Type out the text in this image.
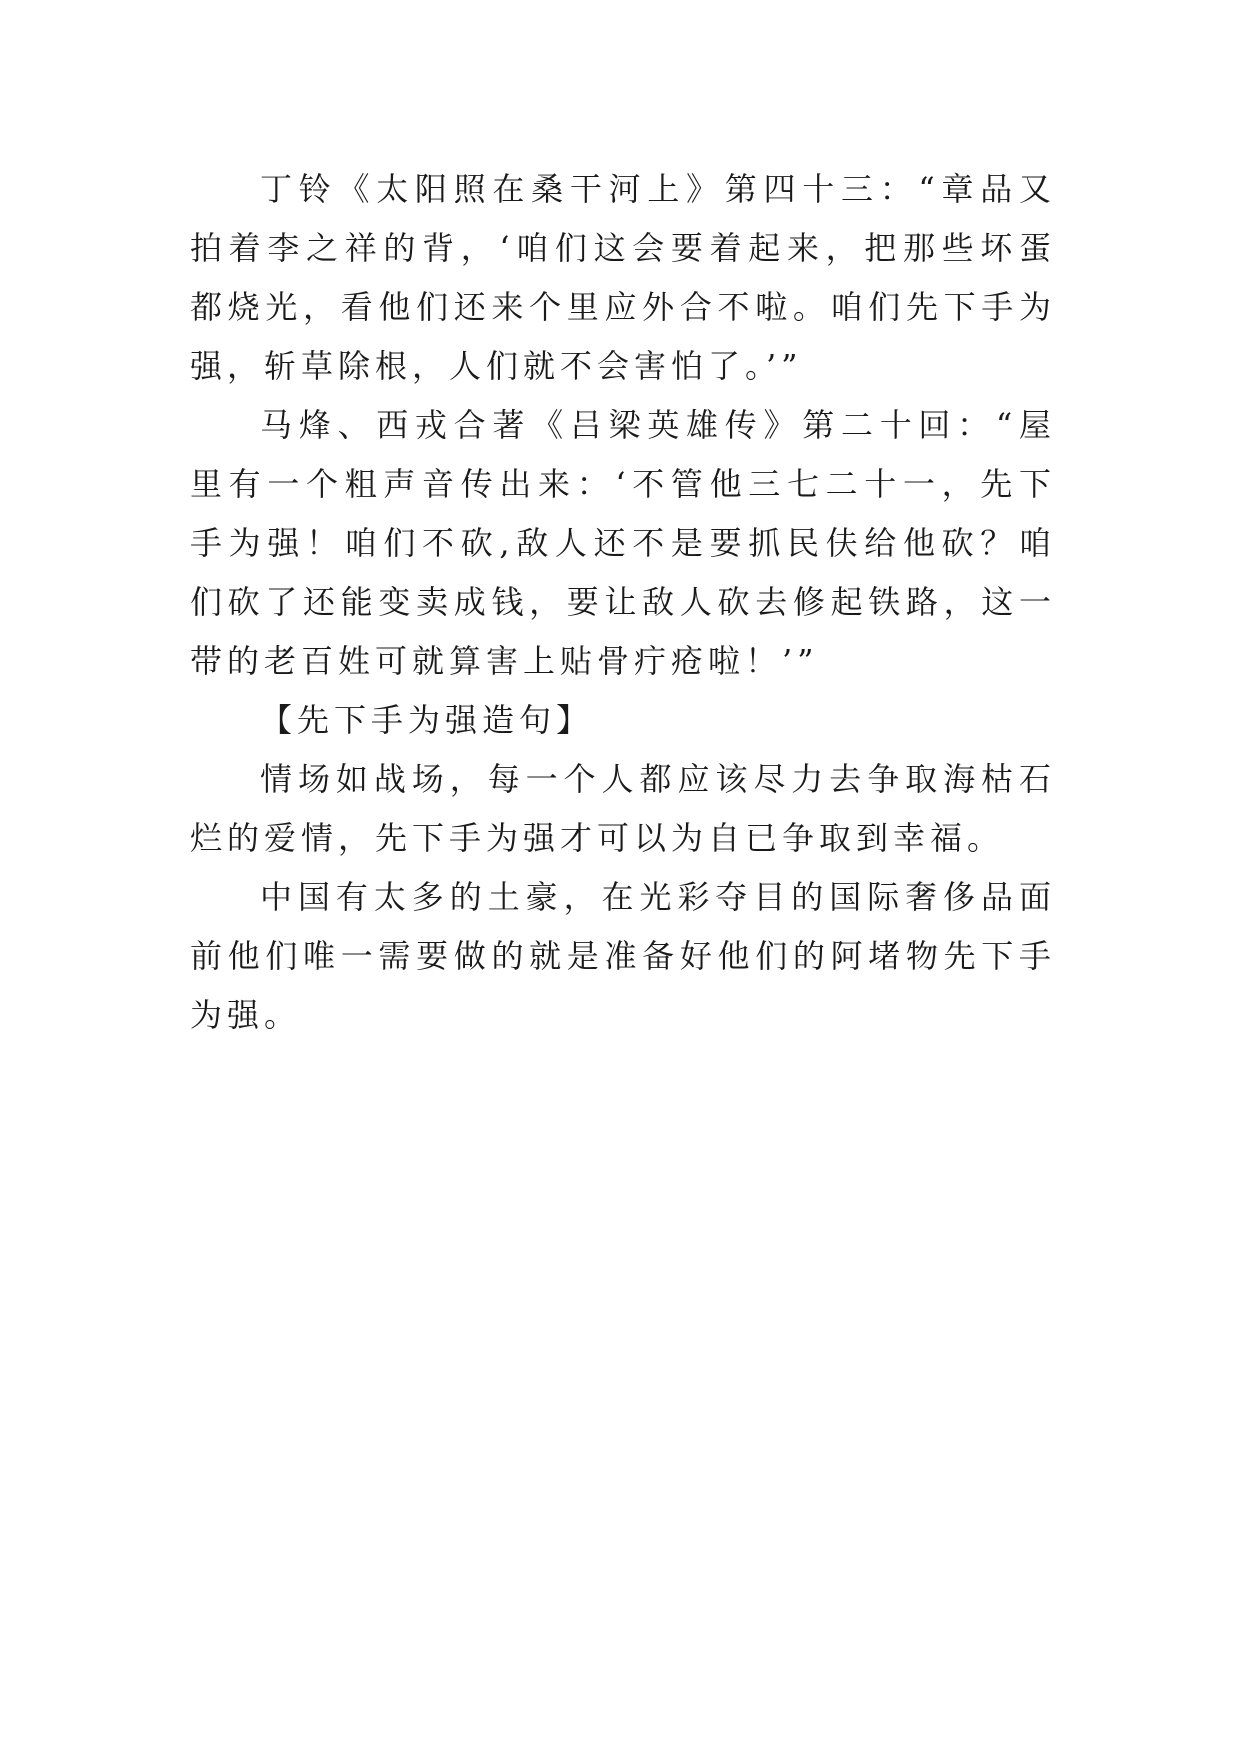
丁铃《太阳照在桑干河上》第四十三：“章品又拍着李之祥的背，‘咱们这会要着起来，把那些坏蛋都烧光，看他们还来个里应外合不啦。咱们先下手为强，斩草除根，人们就不会害怕了。’”

马烽、西戎合著《吕梁英雄传》第二十回：“屋里有一个粗声音传出来：‘不管他三七二十一，先下手为强！咱们不砍,敌人还不是要抓民伕给他砍？咱们砍了还能变卖成钱，要让敌人砍去修起铁路，这一带的老百姓可就算害上贴骨疔疮啦！’”

【先下手为强造句】

情场如战场，每一个人都应该尽力去争取海枯石烂的爱情，先下手为强才可以为自已争取到幸福。

中国有太多的土豪，在光彩夺目的国际奢侈品面前他们唯一需要做的就是准备好他们的阿堵物先下手为强。
